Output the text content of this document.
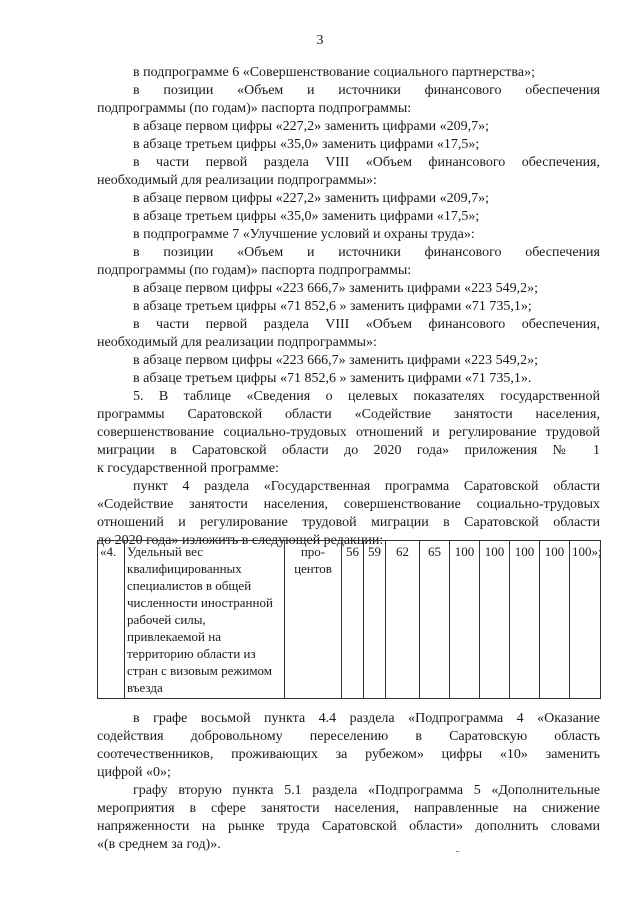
3
в подпрограмме 6 «Совершенствование социального партнерства»;
в позиции «Объем и источники финансового обеспечения
подпрограммы (по годам)» паспорта подпрограммы:
в абзаце первом цифры «227,2» заменить цифрами «209,7»;
в абзаце третьем цифры «35,0» заменить цифрами «17,5»;
в части первой раздела VIII «Объем финансового обеспечения,
необходимый для реализации подпрограммы»:
в абзаце первом цифры «227,2» заменить цифрами «209,7»;
в абзаце третьем цифры «35,0» заменить цифрами «17,5»;
в подпрограмме 7 «Улучшение условий и охраны труда»:
в позиции «Объем и источники финансового обеспечения
подпрограммы (по годам)» паспорта подпрограммы:
в абзаце первом цифры «223 666,7» заменить цифрами «223 549,2»;
в абзаце третьем цифры «71 852,6 » заменить цифрами «71 735,1»;
в части первой раздела VIII «Объем финансового обеспечения,
необходимый для реализации подпрограммы»:
в абзаце первом цифры «223 666,7» заменить цифрами «223 549,2»;
в абзаце третьем цифры «71 852,6 » заменить цифрами «71 735,1».
5. В таблице «Сведения о целевых показателях государственной
программы Саратовской области «Содействие занятости населения,
совершенствование социально-трудовых отношений и регулирование трудовой
миграции в Саратовской области до 2020 года» приложения № 1
к государственной программе:
пункт 4 раздела «Государственная программа Саратовской области
«Содействие занятости населения, совершенствование социально-трудовых
отношений и регулирование трудовой миграции в Саратовской области
до 2020 года» изложить в следующей редакции:
«4.	Удельный вес квалифицированных специалистов в общей численности иностранной рабочей силы, привлекаемой на территорию области из стран с визовым режимом въезда	про-центов	56	59	62	65	100	100	100	100	100»;
в графе восьмой пункта 4.4 раздела «Подпрограмма 4 «Оказание
содействия добровольному переселению в Саратовскую область
соотечественников, проживающих за рубежом» цифры «10» заменить
цифрой «0»;
графу вторую пункта 5.1 раздела «Подпрограмма 5 «Дополнительные
мероприятия в сфере занятости населения, направленные на снижение
напряженности на рынке труда Саратовской области» дополнить словами
«(в среднем за год)».
